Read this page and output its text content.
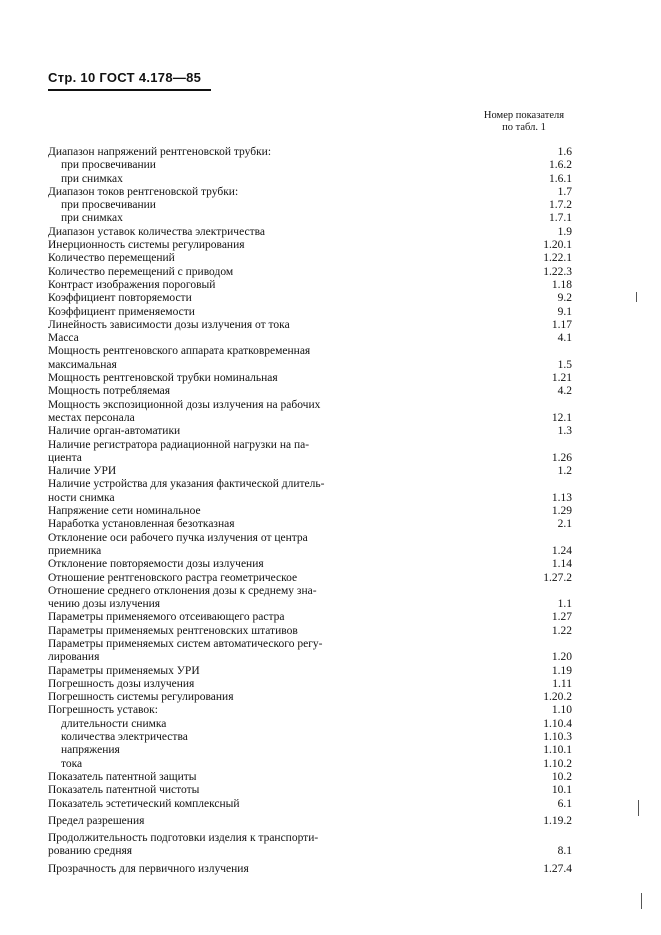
Стр. 10 ГОСТ 4.178—85
Номер показателя
по табл. 1
Диапазон напряжений рентгеновской трубки:	1.6
при просвечивании	1.6.2
при снимках	1.6.1
Диапазон токов рентгеновской трубки:	1.7
при просвечивании	1.7.2
при снимках	1.7.1
Диапазон уставок количества электричества	1.9
Инерционность системы регулирования	1.20.1
Количество перемещений	1.22.1
Количество перемещений с приводом	1.22.3
Контраст изображения пороговый	1.18
Коэффициент повторяемости	9.2
Коэффициент применяемости	9.1
Линейность зависимости дозы излучения от тока	1.17
Масса	4.1
Мощность рентгеновского аппарата кратковременная
максимальная	1.5
Мощность рентгеновской трубки номинальная	1.21
Мощность потребляемая	4.2
Мощность экспозиционной дозы излучения на рабочих
местах персонала	12.1
Наличие орган-автоматики	1.3
Наличие регистратора радиационной нагрузки на па-
циента	1.26
Наличие УРИ	1.2
Наличие устройства для указания фактической длитель-
ности снимка	1.13
Напряжение сети номинальное	1.29
Наработка установленная безотказная	2.1
Отклонение оси рабочего пучка излучения от центра
приемника	1.24
Отклонение повторяемости дозы излучения	1.14
Отношение рентгеновского растра геометрическое	1.27.2
Отношение среднего отклонения дозы к среднему зна-
чению дозы излучения	1.1
Параметры применяемого отсеивающего растра	1.27
Параметры применяемых рентгеновских штативов	1.22
Параметры применяемых систем автоматического регу-
лирования	1.20
Параметры применяемых УРИ	1.19
Погрешность дозы излучения	1.11
Погрешность системы регулирования	1.20.2
Погрешность уставок:	1.10
длительности снимка	1.10.4
количества электричества	1.10.3
напряжения	1.10.1
тока	1.10.2
Показатель патентной защиты	10.2
Показатель патентной чистоты	10.1
Показатель эстетический комплексный	6.1
Предел разрешения	1.19.2
Продолжительность подготовки изделия к транспорти-
рованию средняя	8.1
Прозрачность для первичного излучения	1.27.4
